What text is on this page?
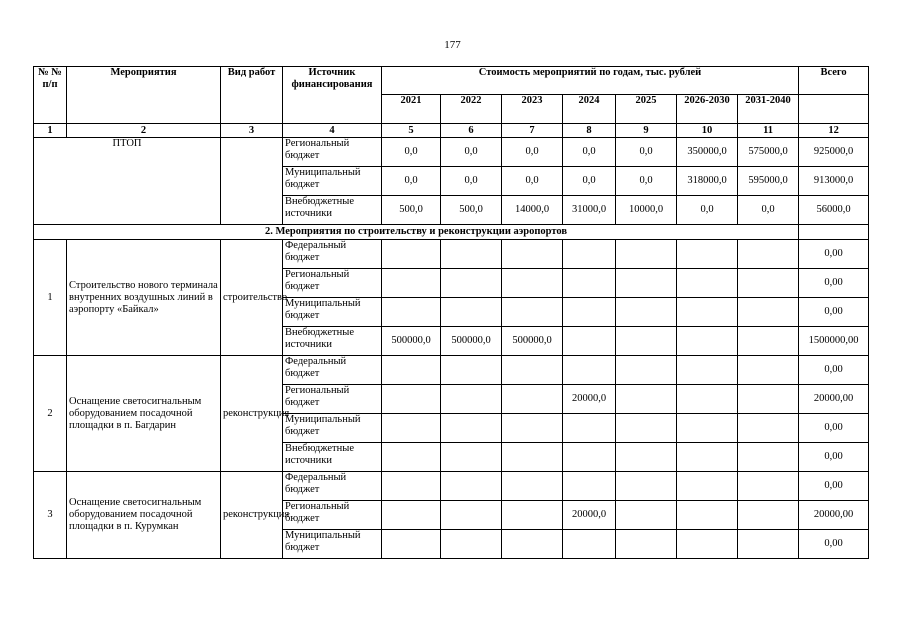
177
№ № п/п	Мероприятия	Вид работ	Источник финансирования	Стоимость мероприятий по годам, тыс. рублей							Всего
				2021	2022	2023	2024	2025	2026-2030	2031-2040	
1	2	3	4	5	6	7	8	9	10	11	12
ПТОП			Региональный бюджет	0,0	0,0	0,0	0,0	0,0	350000,0	575000,0	925000,0
			Муниципальный бюджет	0,0	0,0	0,0	0,0	0,0	318000,0	595000,0	913000,0
			Внебюджетные источники	500,0	500,0	14000,0	31000,0	10000,0	0,0	0,0	56000,0
2. Мероприятия по строительству и реконструкции аэропортов											
1	Строительство нового терминала внутренних воздушных линий в аэропорту «Байкал»	строительство	Федеральный бюджет								0,00
			Региональный бюджет								0,00
			Муниципальный бюджет								0,00
			Внебюджетные источники	500000,0	500000,0	500000,0					1500000,00
2	Оснащение светосигнальным оборудованием посадочной площадки в п. Багдарин	реконструкция	Федеральный бюджет								0,00
			Региональный бюджет				20000,0				20000,00
			Муниципальный бюджет								0,00
			Внебюджетные источники								0,00
3	Оснащение светосигнальным оборудованием посадочной площадки в п. Курумкан	реконструкция	Федеральный бюджет								0,00
			Региональный бюджет				20000,0				20000,00
			Муниципальный бюджет								0,00
